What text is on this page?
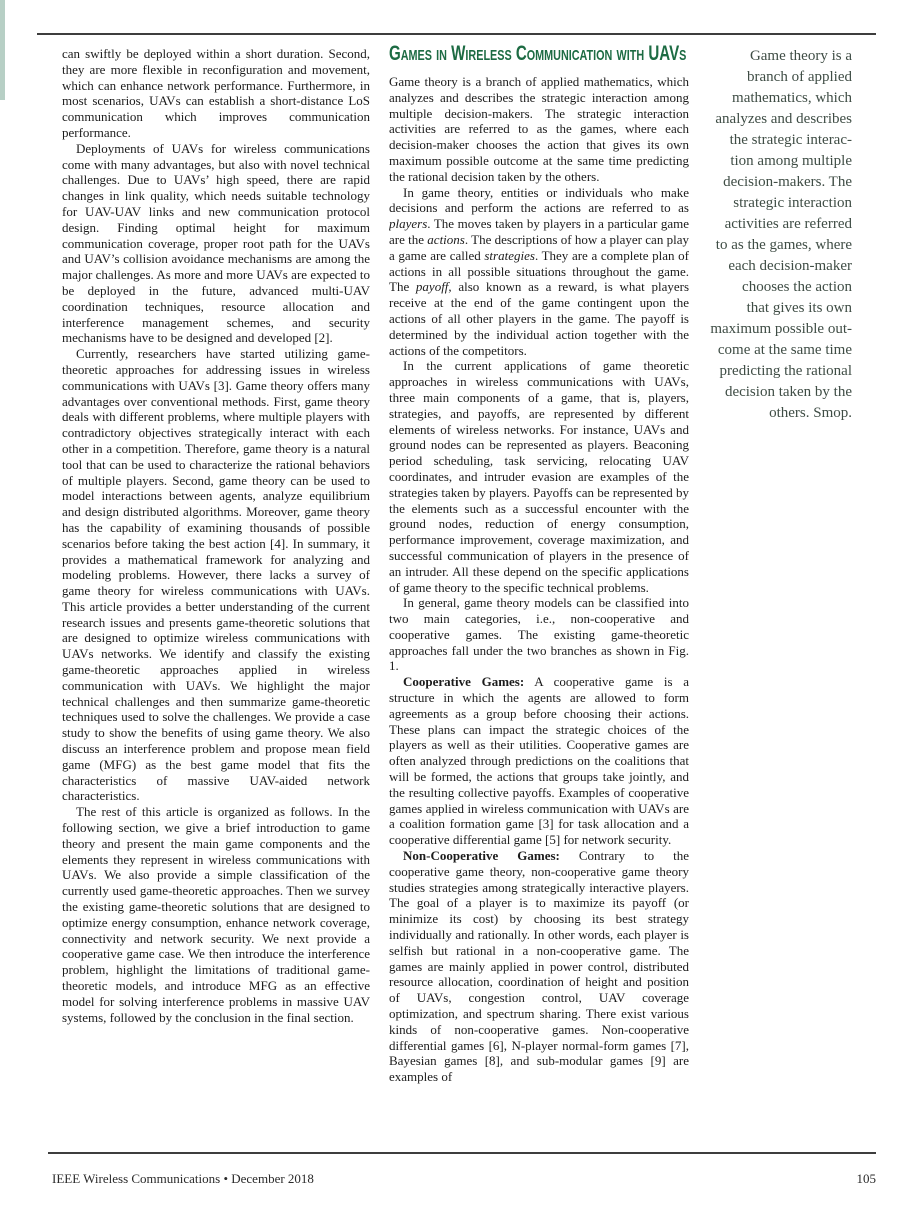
can swiftly be deployed within a short duration. Second, they are more flexible in reconfiguration and movement, which can enhance network performance. Furthermore, in most scenarios, UAVs can establish a short-distance LoS communication which improves communication performance.

Deployments of UAVs for wireless communications come with many advantages, but also with novel technical challenges. Due to UAVs’ high speed, there are rapid changes in link quality, which needs suitable technology for UAV-UAV links and new communication protocol design. Finding optimal height for maximum communication coverage, proper root path for the UAVs and UAV’s collision avoidance mechanisms are among the major challenges. As more and more UAVs are expected to be deployed in the future, advanced multi-UAV coordination techniques, resource allocation and interference management schemes, and security mechanisms have to be designed and developed [2].

Currently, researchers have started utilizing game-theoretic approaches for addressing issues in wireless communications with UAVs [3]. Game theory offers many advantages over conventional methods. First, game theory deals with different problems, where multiple players with contradictory objectives strategically interact with each other in a competition. Therefore, game theory is a natural tool that can be used to characterize the rational behaviors of multiple players. Second, game theory can be used to model interactions between agents, analyze equilibrium and design distributed algorithms. Moreover, game theory has the capability of examining thousands of possible scenarios before taking the best action [4]. In summary, it provides a mathematical framework for analyzing and modeling problems. However, there lacks a survey of game theory for wireless communications with UAVs. This article provides a better understanding of the current research issues and presents game-theoretic solutions that are designed to optimize wireless communications with UAVs networks. We identify and classify the existing game-theoretic approaches applied in wireless communication with UAVs. We highlight the major technical challenges and then summarize game-theoretic techniques used to solve the challenges. We provide a case study to show the benefits of using game theory. We also discuss an interference problem and propose mean field game (MFG) as the best game model that fits the characteristics of massive UAV-aided network characteristics.

The rest of this article is organized as follows. In the following section, we give a brief introduction to game theory and present the main game components and the elements they represent in wireless communications with UAVs. We also provide a simple classification of the currently used game-theoretic approaches. Then we survey the existing game-theoretic solutions that are designed to optimize energy consumption, enhance network coverage, connectivity and network security. We next provide a cooperative game case. We then introduce the interference problem, highlight the limitations of traditional game-theoretic models, and introduce MFG as an effective model for solving interference problems in massive UAV systems, followed by the conclusion in the final section.

Games in Wireless Communication with UAVs

Game theory is a branch of applied mathematics, which analyzes and describes the strategic interaction among multiple decision-makers. The strategic interaction activities are referred to as the games, where each decision-maker chooses the action that gives its own maximum possible outcome at the same time predicting the rational decision taken by the others.

In game theory, entities or individuals who make decisions and perform the actions are referred to as players. The moves taken by players in a particular game are the actions. The descriptions of how a player can play a game are called strategies. They are a complete plan of actions in all possible situations throughout the game. The payoff, also known as a reward, is what players receive at the end of the game contingent upon the actions of all other players in the game. The payoff is determined by the individual action together with the actions of the competitors.

In the current applications of game theoretic approaches in wireless communications with UAVs, three main components of a game, that is, players, strategies, and payoffs, are represented by different elements of wireless networks. For instance, UAVs and ground nodes can be represented as players. Beaconing period scheduling, task servicing, relocating UAV coordinates, and intruder evasion are examples of the strategies taken by players. Payoffs can be represented by the elements such as a successful encounter with the ground nodes, reduction of energy consumption, performance improvement, coverage maximization, and successful communication of players in the presence of an intruder. All these depend on the specific applications of game theory to the specific technical problems.

In general, game theory models can be classified into two main categories, i.e., non-cooperative and cooperative games. The existing game-theoretic approaches fall under the two branches as shown in Fig. 1.

Cooperative Games: A cooperative game is a structure in which the agents are allowed to form agreements as a group before choosing their actions. These plans can impact the strategic choices of the players as well as their utilities. Cooperative games are often analyzed through predictions on the coalitions that will be formed, the actions that groups take jointly, and the resulting collective payoffs. Examples of cooperative games applied in wireless communication with UAVs are a coalition formation game [3] for task allocation and a cooperative differential game [5] for network security.

Non-Cooperative Games: Contrary to the cooperative game theory, non-cooperative game theory studies strategies among strategically interactive players. The goal of a player is to maximize its payoff (or minimize its cost) by choosing its best strategy individually and rationally. In other words, each player is selfish but rational in a non-cooperative game. The games are mainly applied in power control, distributed resource allocation, coordination of height and position of UAVs, congestion control, UAV coverage optimization, and spectrum sharing. There exist various kinds of non-cooperative games. Non-cooperative differential games [6], N-player normal-form games [7], Bayesian games [8], and sub-modular games [9] are examples of

Game theory is a
branch of applied
mathematics, which
analyzes and describes
the strategic interac-
tion among multiple
decision-makers. The
strategic interaction
activities are referred
to as the games, where
each decision-maker
chooses the action
that gives its own
maximum possible out-
come at the same time
predicting the rational
decision taken by the
others. Smop.
IEEE Wireless Communications • December 2018	105
